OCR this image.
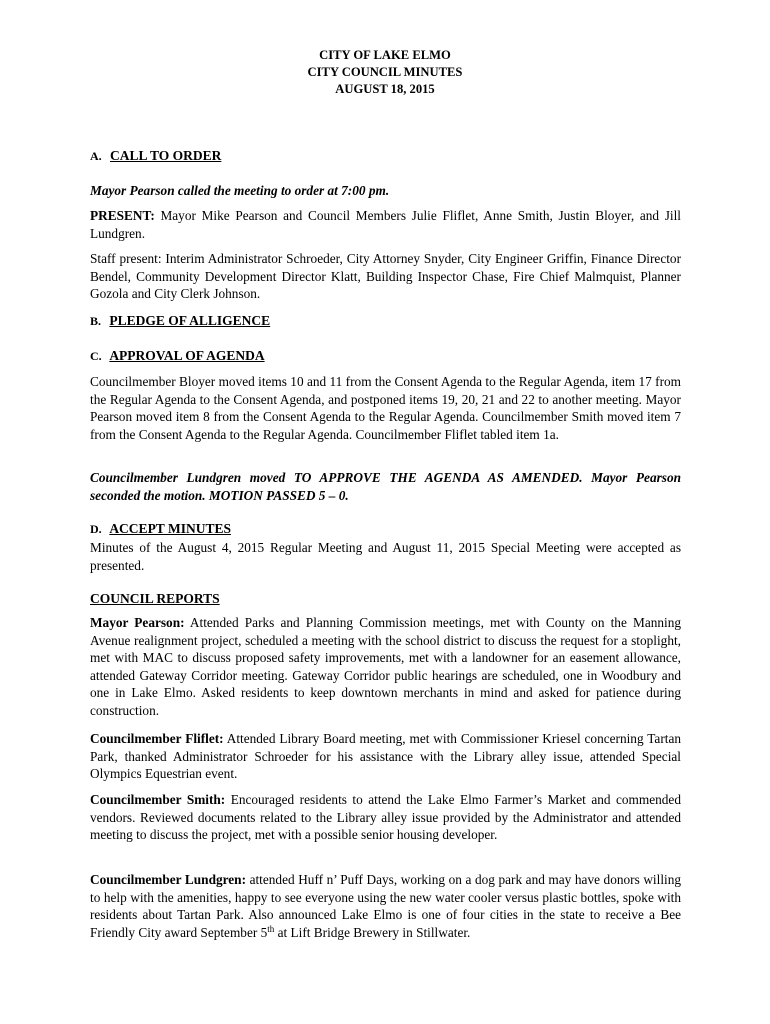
CITY OF LAKE ELMO
CITY COUNCIL MINUTES
AUGUST 18, 2015

A. CALL TO ORDER

Mayor Pearson called the meeting to order at 7:00 pm.

PRESENT: Mayor Mike Pearson and Council Members Julie Fliflet, Anne Smith, Justin Bloyer, and Jill Lundgren.

Staff present: Interim Administrator Schroeder, City Attorney Snyder, City Engineer Griffin, Finance Director Bendel, Community Development Director Klatt, Building Inspector Chase, Fire Chief Malmquist, Planner Gozola and City Clerk Johnson.

B. PLEDGE OF ALLIGENCE

C. APPROVAL OF AGENDA

Councilmember Bloyer moved items 10 and 11 from the Consent Agenda to the Regular Agenda, item 17 from the Regular Agenda to the Consent Agenda, and postponed items 19, 20, 21 and 22 to another meeting. Mayor Pearson moved item 8 from the Consent Agenda to the Regular Agenda. Councilmember Smith moved item 7 from the Consent Agenda to the Regular Agenda. Councilmember Fliflet tabled item 1a.

Councilmember Lundgren moved TO APPROVE THE AGENDA AS AMENDED. Mayor Pearson seconded the motion. MOTION PASSED 5 – 0.

D. ACCEPT MINUTES

Minutes of the August 4, 2015 Regular Meeting and August 11, 2015 Special Meeting were accepted as presented.

COUNCIL REPORTS

Mayor Pearson: Attended Parks and Planning Commission meetings, met with County on the Manning Avenue realignment project, scheduled a meeting with the school district to discuss the request for a stoplight, met with MAC to discuss proposed safety improvements, met with a landowner for an easement allowance, attended Gateway Corridor meeting. Gateway Corridor public hearings are scheduled, one in Woodbury and one in Lake Elmo. Asked residents to keep downtown merchants in mind and asked for patience during construction.

Councilmember Fliflet: Attended Library Board meeting, met with Commissioner Kriesel concerning Tartan Park, thanked Administrator Schroeder for his assistance with the Library alley issue, attended Special Olympics Equestrian event.

Councilmember Smith: Encouraged residents to attend the Lake Elmo Farmer’s Market and commended vendors. Reviewed documents related to the Library alley issue provided by the Administrator and attended meeting to discuss the project, met with a possible senior housing developer.

Councilmember Lundgren: attended Huff n’ Puff Days, working on a dog park and may have donors willing to help with the amenities, happy to see everyone using the new water cooler versus plastic bottles, spoke with residents about Tartan Park. Also announced Lake Elmo is one of four cities in the state to receive a Bee Friendly City award September 5th at Lift Bridge Brewery in Stillwater.
